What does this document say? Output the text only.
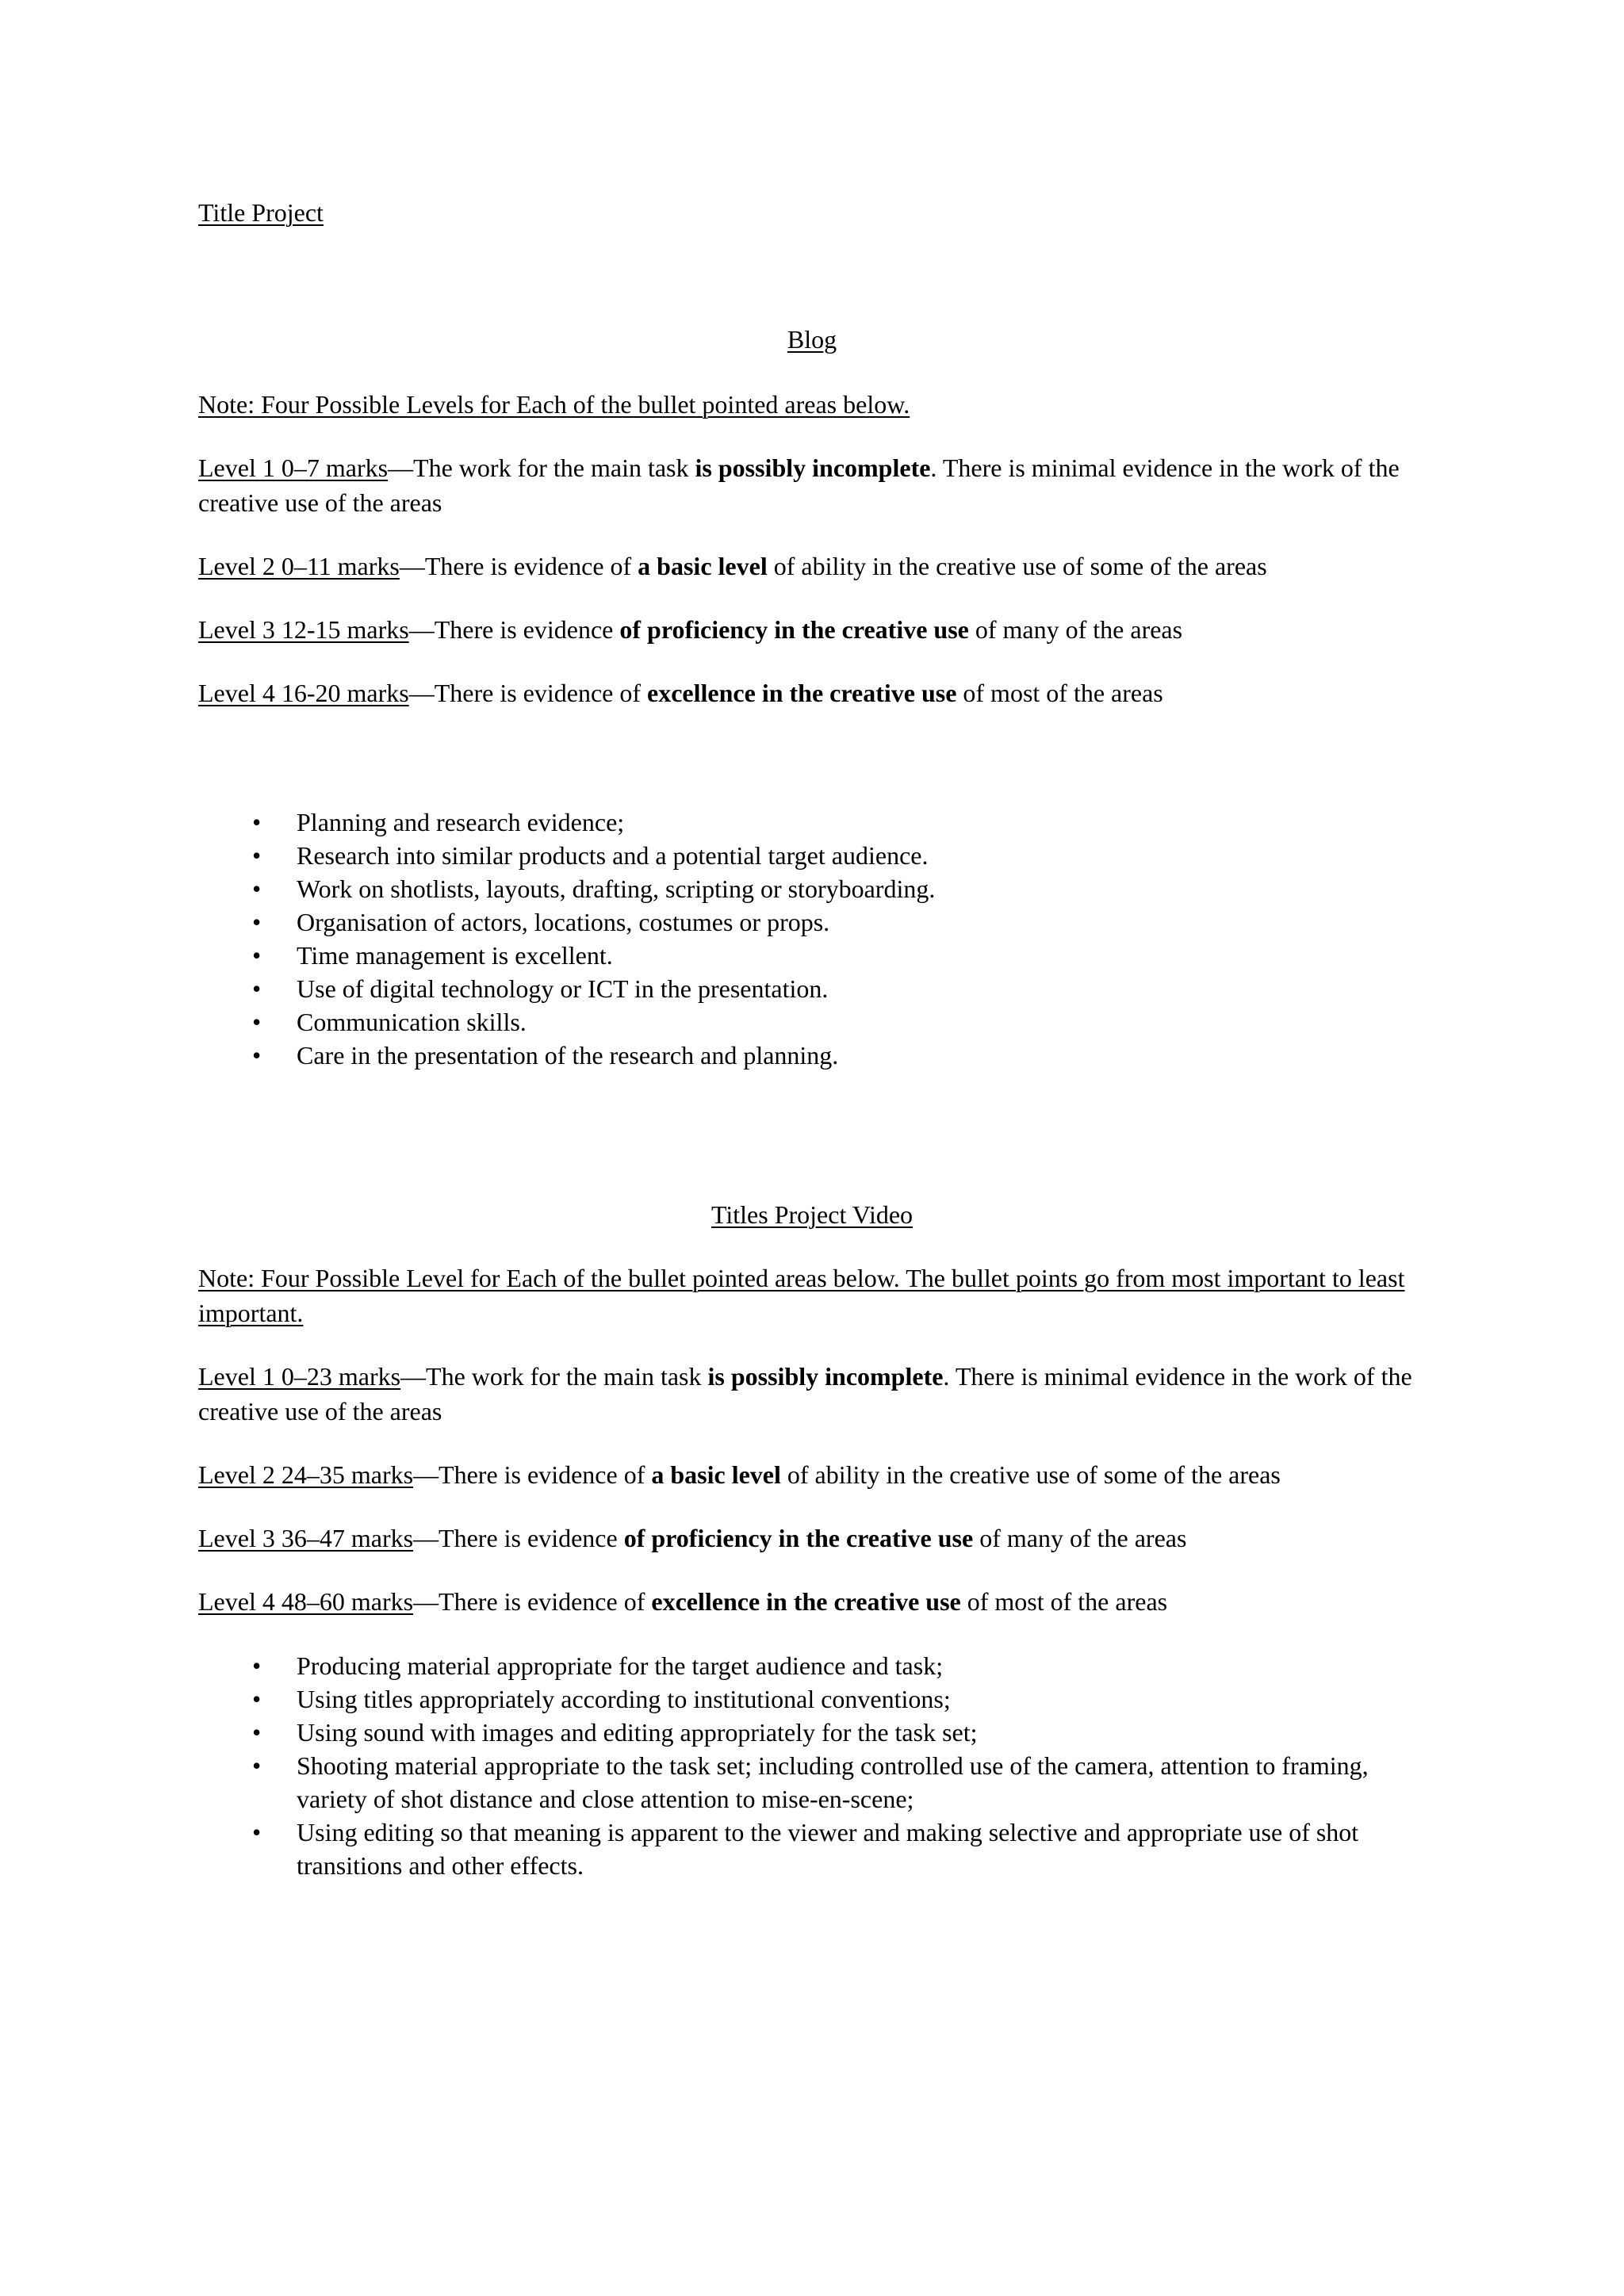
Title Project

Blog

Note: Four Possible Levels for Each of the bullet pointed areas below.

Level 1 0–7 marks—The work for the main task is possibly incomplete. There is minimal evidence in the work of the creative use of the areas

Level 2 0–11 marks—There is evidence of a basic level of ability in the creative use of some of the areas

Level 3 12-15 marks—There is evidence of proficiency in the creative use of many of the areas

Level 4 16-20 marks—There is evidence of excellence in the creative use of most of the areas

• Planning and research evidence;
• Research into similar products and a potential target audience.
• Work on shotlists, layouts, drafting, scripting or storyboarding.
• Organisation of actors, locations, costumes or props.
• Time management is excellent.
• Use of digital technology or ICT in the presentation.
• Communication skills.
• Care in the presentation of the research and planning.

Titles Project Video

Note: Four Possible Level for Each of the bullet pointed areas below. The bullet points go from most important to least important.

Level 1 0–23 marks—The work for the main task is possibly incomplete. There is minimal evidence in the work of the creative use of the areas

Level 2 24–35 marks—There is evidence of a basic level of ability in the creative use of some of the areas

Level 3 36–47 marks—There is evidence of proficiency in the creative use of many of the areas

Level 4 48–60 marks—There is evidence of excellence in the creative use of most of the areas

• Producing material appropriate for the target audience and task;
• Using titles appropriately according to institutional conventions;
• Using sound with images and editing appropriately for the task set;
• Shooting material appropriate to the task set; including controlled use of the camera, attention to framing, variety of shot distance and close attention to mise-en-scene;
• Using editing so that meaning is apparent to the viewer and making selective and appropriate use of shot transitions and other effects.
